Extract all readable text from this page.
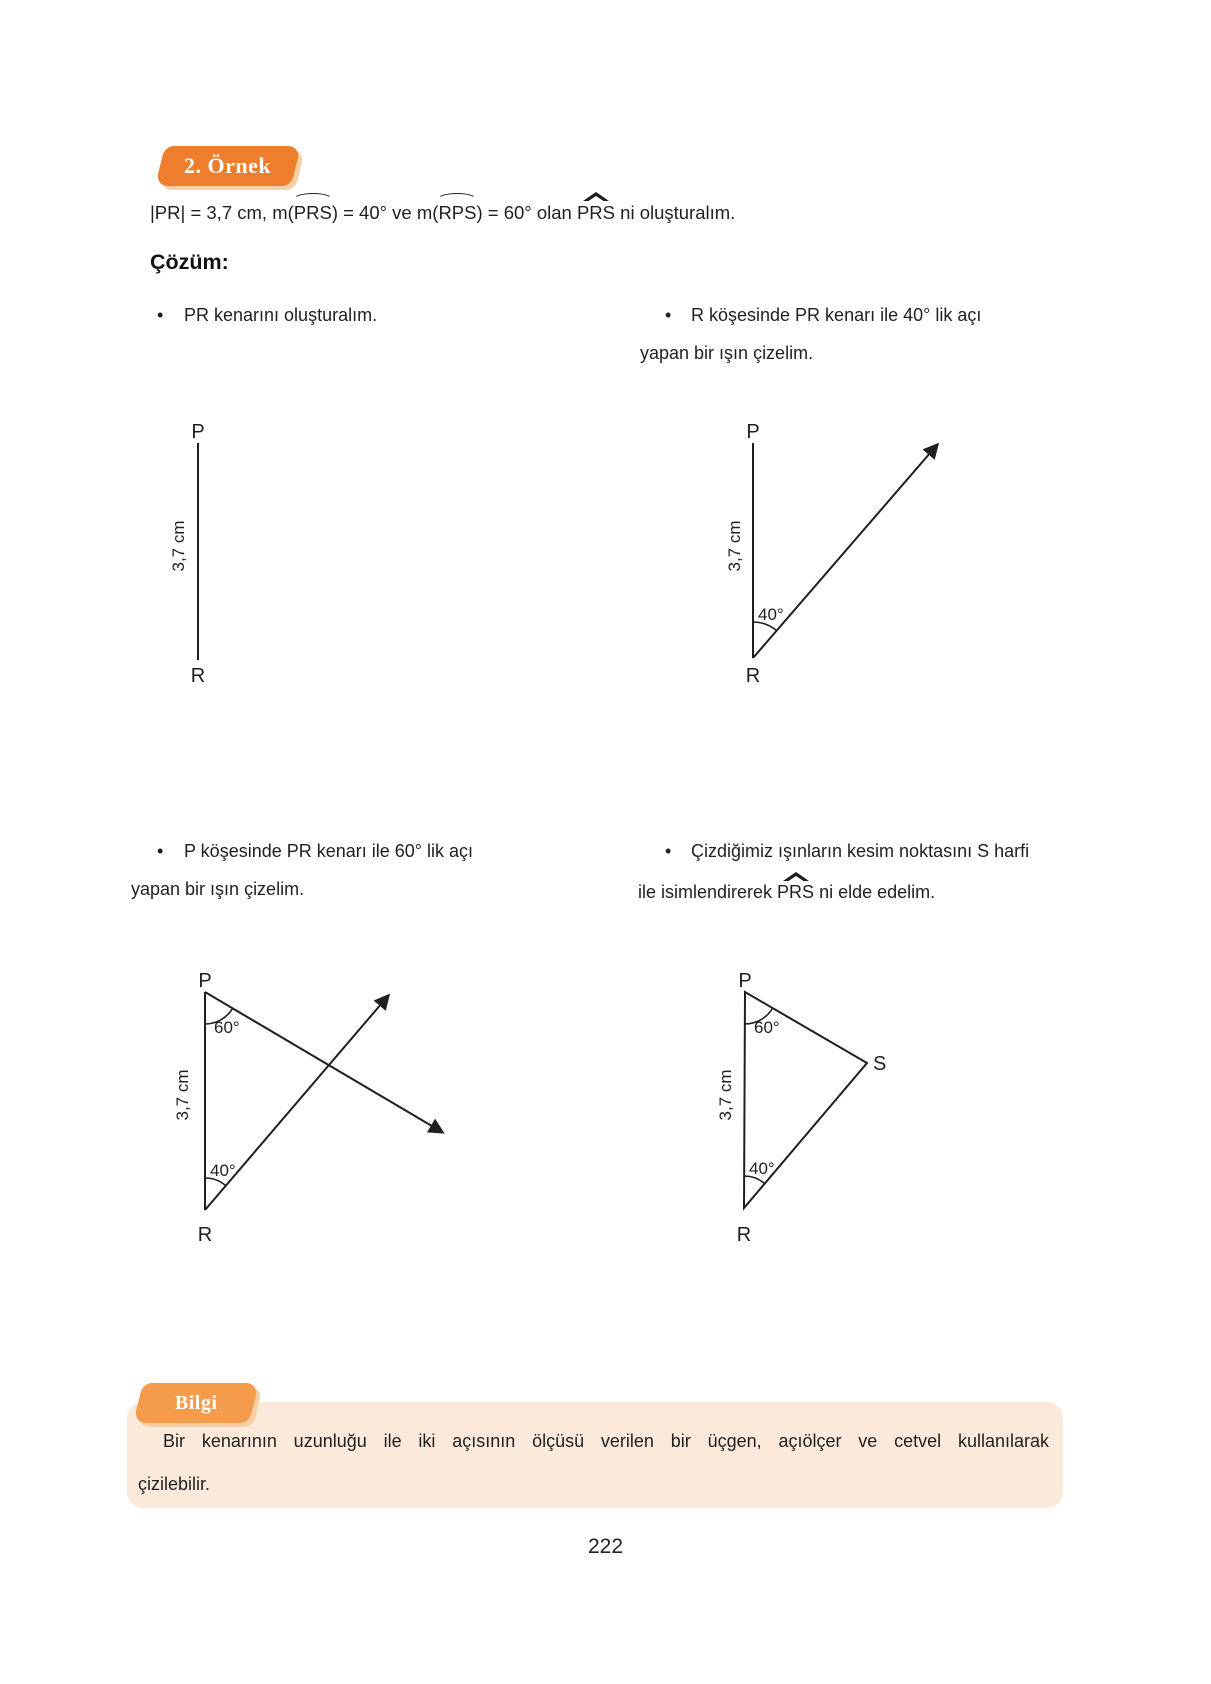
2. Örnek
|PR| = 3,7 cm, m(PRS) = 40° ve m(RPS) = 60° olan PRS ni oluşturalım.
Çözüm:
• PR kenarını oluşturalım.	• R köşesinde PR kenarı ile 40° lik açı
yapan bir ışın çizelim.
P
R
3,7 cm
P
R
40°
3,7 cm
• P köşesinde PR kenarı ile 60° lik açı
yapan bir ışın çizelim.
• Çizdiğimiz ışınların kesim noktasını S harfi
ile isimlendirerek PRS ni elde edelim.
P
R
60°
40°
3,7 cm
P
R
S
60°
40°
3,7 cm
Bilgi
Bir kenarının uzunluğu ile iki açısının ölçüsü verilen bir üçgen, açıölçer ve cetvel kullanılarak
çizilebilir.
222
